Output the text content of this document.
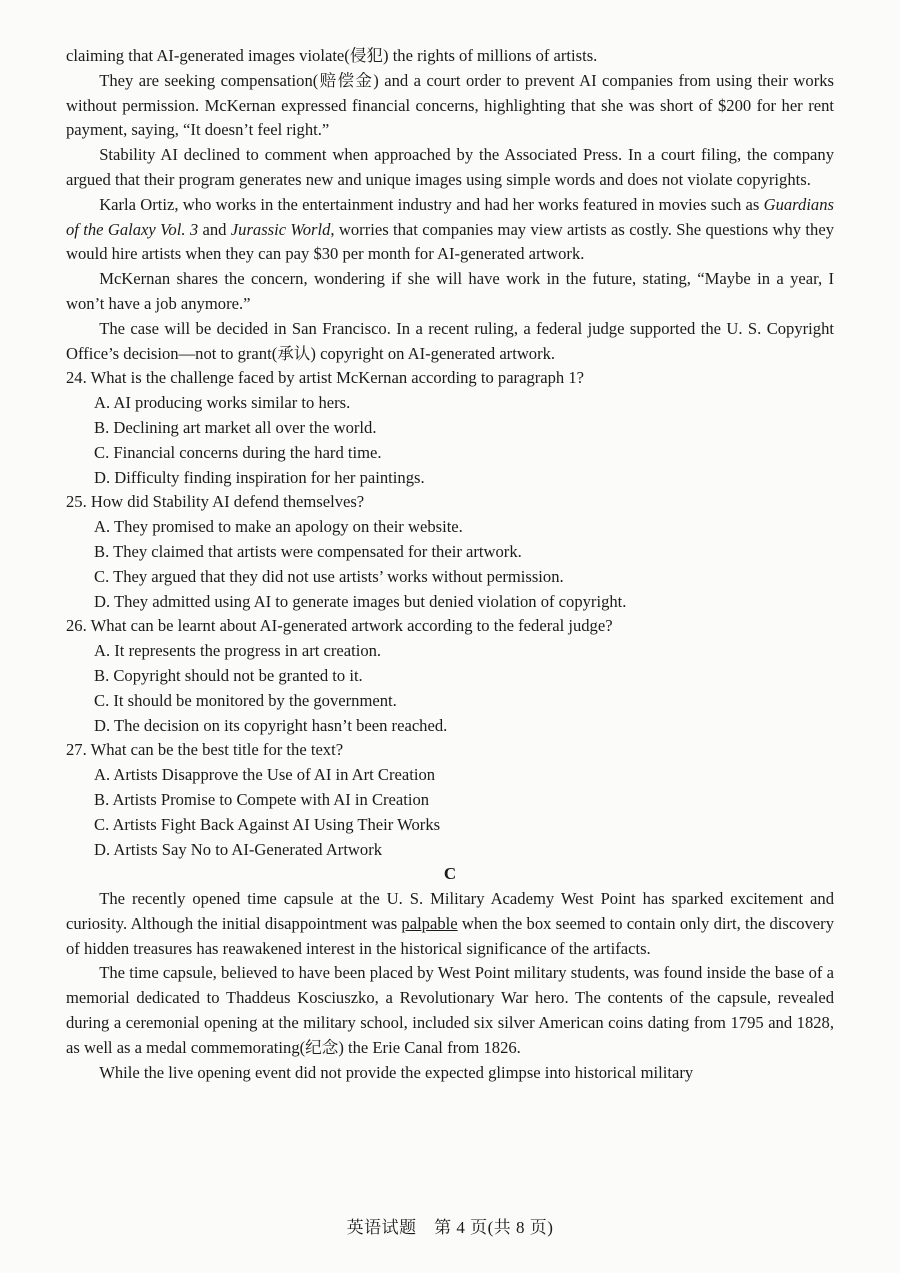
claiming that AI-generated images violate(侵犯) the rights of millions of artists.

They are seeking compensation(赔偿金) and a court order to prevent AI companies from using their works without permission. McKernan expressed financial concerns, highlighting that she was short of $200 for her rent payment, saying, “It doesn’t feel right.”

Stability AI declined to comment when approached by the Associated Press. In a court filing, the company argued that their program generates new and unique images using simple words and does not violate copyrights.

Karla Ortiz, who works in the entertainment industry and had her works featured in movies such as Guardians of the Galaxy Vol. 3 and Jurassic World, worries that companies may view artists as costly. She questions why they would hire artists when they can pay $30 per month for AI-generated artwork.

McKernan shares the concern, wondering if she will have work in the future, stating, “Maybe in a year, I won’t have a job anymore.”

The case will be decided in San Francisco. In a recent ruling, a federal judge supported the U. S. Copyright Office’s decision—not to grant(承认) copyright on AI-generated artwork.

24. What is the challenge faced by artist McKernan according to paragraph 1?

A. AI producing works similar to hers.

B. Declining art market all over the world.

C. Financial concerns during the hard time.

D. Difficulty finding inspiration for her paintings.

25. How did Stability AI defend themselves?

A. They promised to make an apology on their website.

B. They claimed that artists were compensated for their artwork.

C. They argued that they did not use artists’ works without permission.

D. They admitted using AI to generate images but denied violation of copyright.

26. What can be learnt about AI-generated artwork according to the federal judge?

A. It represents the progress in art creation.

B. Copyright should not be granted to it.

C. It should be monitored by the government.

D. The decision on its copyright hasn’t been reached.

27. What can be the best title for the text?

A. Artists Disapprove the Use of AI in Art Creation

B. Artists Promise to Compete with AI in Creation

C. Artists Fight Back Against AI Using Their Works

D. Artists Say No to AI-Generated Artwork

C

The recently opened time capsule at the U. S. Military Academy West Point has sparked excitement and curiosity. Although the initial disappointment was palpable when the box seemed to contain only dirt, the discovery of hidden treasures has reawakened interest in the historical significance of the artifacts.

The time capsule, believed to have been placed by West Point military students, was found inside the base of a memorial dedicated to Thaddeus Kosciuszko, a Revolutionary War hero. The contents of the capsule, revealed during a ceremonial opening at the military school, included six silver American coins dating from 1795 and 1828, as well as a medal commemorating(纪念) the Erie Canal from 1826.

While the live opening event did not provide the expected glimpse into historical military

英语试题　第 4 页(共 8 页)
